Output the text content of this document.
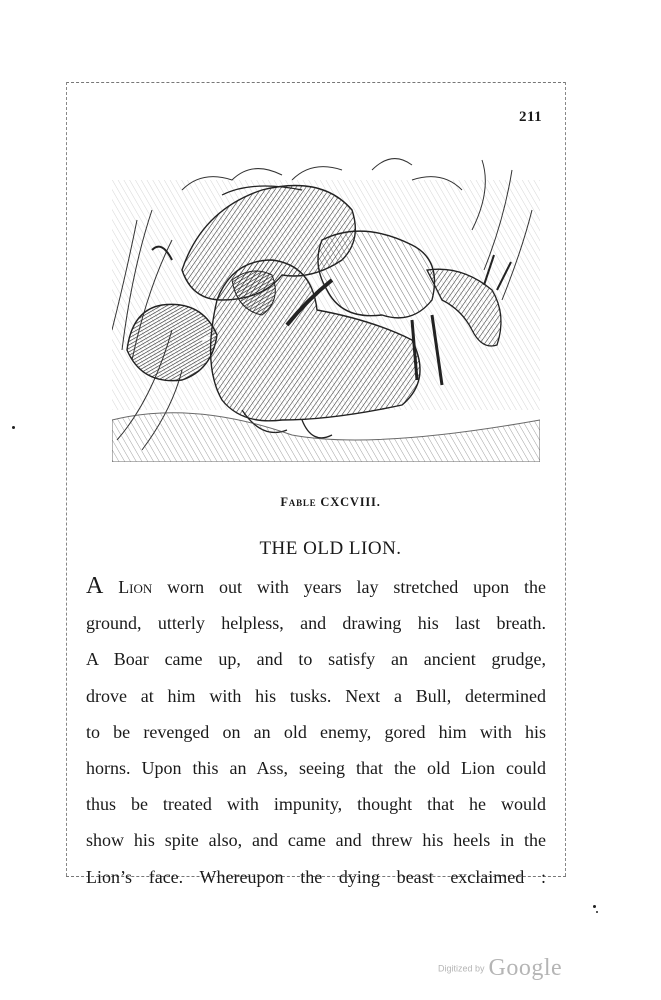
211
Fable CXCVIII.
THE OLD LION.
A Lion worn out with years lay stretched upon the
ground, utterly helpless, and drawing his last breath.
A Boar came up, and to satisfy an ancient grudge,
drove at him with his tusks. Next a Bull, determined
to be revenged on an old enemy, gored him with his
horns. Upon this an Ass, seeing that the old Lion could
thus be treated with impunity, thought that he would
show his spite also, and came and threw his heels in the
Lion’s face. Whereupon the dying beast exclaimed :
Digitized by Google
